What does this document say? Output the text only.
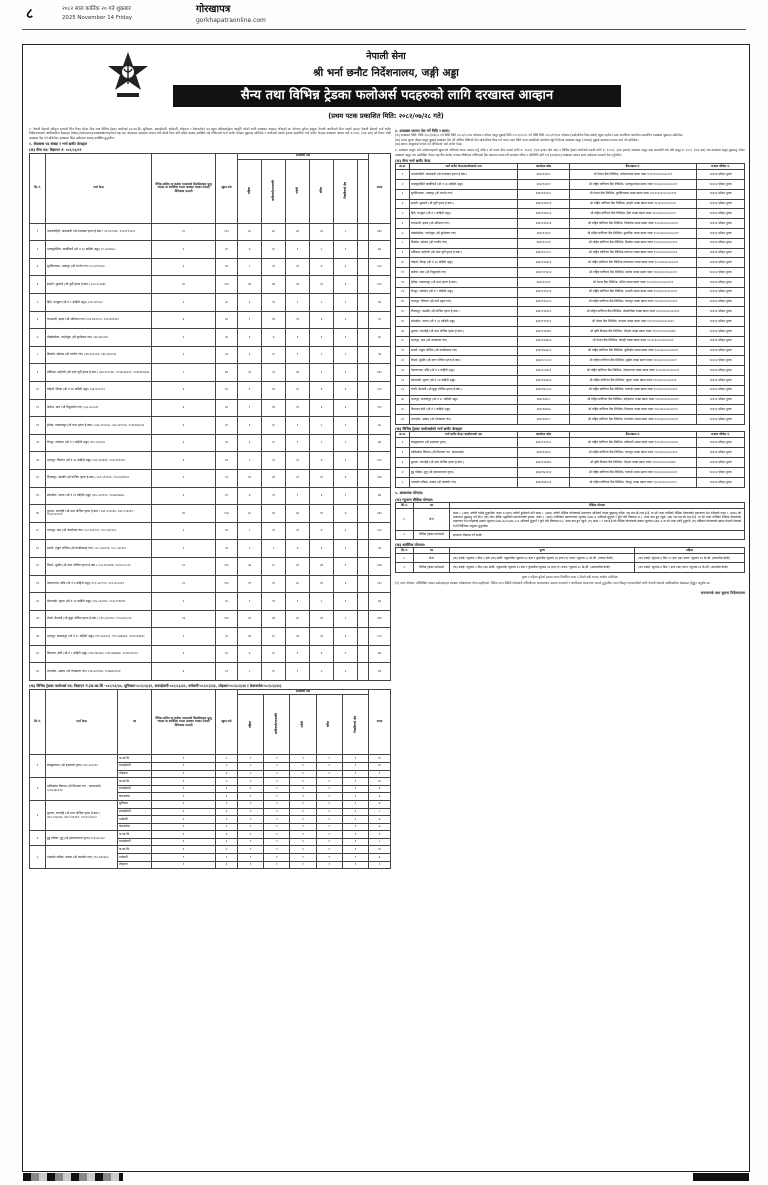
८	२०८२ साल कार्तिक २० गते शुक्रबार
2025 November 14 Friday
गोरखापत्र
gorkhapatraonline.com
नेपाली सेना
श्री भर्ना छनौट निर्देशनालय, जङ्गी अड्डा
सैन्य तथा विभिन्न ट्रेडका फलोअर्स पदहरुको लागि दरखास्त आव्हान
(प्रथम पटक प्रकाशित मिति: २०८२/०७/२८ गते)

१. नेपाली सेनाको स्वीकृत दरबन्दी भित्र रिक्त रहेका सैन्य तथा विभिन्न ट्रेडका फलोअर्स (क.का.सि, सुचिकार, सफाईकर्मी, धर्मकर्मी, लोहकार र केशकर्तक) पद खुला प्रतिस्पर्धाद्वारा पदपूर्ति गर्नको लागि दरखास्त आव्हान गरिएको छ। योग्यता पुगेका इच्छुक नेपाली नागरिकले सैन्य पदको हकमा नेपाली सेनाको भर्ना छनौट निर्देशनालयको आधिकारिक वेबसाइट http://vacancy.nepalarmy.mil.np बाट अनलाइन दरखास्त फाराम भरी सोको प्रिन्ट प्रति सहित स्वयम् उपस्थित भई तोकिएको भर्ना छनौट केन्द्रमा बुझाउन सकिनेछ र फलोअर्स पदको हकमा सम्बन्धित भर्ना छनौट केन्द्रमा दरखास्त फाराम भरी रु.१००/- (एक सय) को टिकट टाँसी दरखास्त पेस गर्न सकिनेछ। दरखास्त दिंदा उम्मेदवार स्वयम् उपस्थित हुनुपर्नेछ।

२. सेवाबन्ध पद संख्या र भर्ना छनौट केन्द्रहरु
(क) सैन्य पद: विज्ञापन नं. ०८२/८३/२९
सि.नं.	भर्ना केन्द्र	वैभिन्न तालिम वा कर्तव्य पालनाको सिलसिलामा मृत्यु भएका वा शारीरिक रुपमा अशक्त भएका नेपाली सैनिकका सन्तती	खुला तर्फ	समावेशी तर्फ						जम्मा
				महिला	आदिवासी/जनजाति	मधेशी	दलित	पिछडिएको क्षेत्र		
१	नारायणहिटी, काठमाडौं (श्री उपत्यका पृतना हे.क्वा.) ०१-४१९१४६, ९८६०१९९३२०	१०	१८३	३०	४८	४२	२२	८		३४०
२	भक्तपुरस्थित, कार्कीगाउँ (श्री नं २६ बाहिनी अड्डा) ०१-५०४०७८८	२	३९	७	१०	९	५	२		७४
३	सुर्यविनायक, भक्तपुर (श्री रणशेर गण) ०१-५०९१२६२	३	४२	८	१२	१२	७	३		१००
४	इटहरी, सुनसरी (श्री पूर्वी पृतना हे.क्वा.) ०२५-५८०४६६	१०	१०५	१७	२७	२४	१२	४		२००
५	हिले, धनकुटा (श्री नं २ बाहिनी अड्डा) ०२६-५४०३५२	२	३०	६	११	९	५	१		६४
६	चारआली, झापा (श्री अरिदमन गण) ०२३-४६११०५, ९८६५९४९३८०	४	४२	९	१४	१३	६	२		९०
७	तोक्सेखोला, ताप्लेजुङ (श्री दुर्गाप्रवल गण) ०२४-४६०२४५	२	२६	४	७	६	३	१		४०
८	दिक्तेल, खोटाङ (श्री रणवीर गण) ०३६-४२०८६४, ०३६-४२००३६	२	२२	६	१०	९	५	२		५७
९	बर्दिबास, महोत्तरी (श्री मध्य पूर्वी पृतना हे.क्वा.) ०४४-४१८०७८, ९८५४०३४२२०, ९८४४०४०७५४	५	७९	१३	२१	१७	९	३		१४०
१०	चोहर्वा, सिरहा (श्री नं २७ बाहिनी अड्डा) ०३३-४०११०९	४	४२	९	१४	१२	६	३		१००
११	कलैया, बारा (श्री निमुसर्जन गण) ०५३-५५१५२१	४	४२	९	१४	१२	६	३		१००
१२	हेटौडा, मकवानपुर (श्री मध्य पृतना हे.क्वा.) ०५७-५२९००७, ०५७-५२९०२४, ९८६३०४६८८४	४	३९	६	१०	९	५	२		७५
१३	चैनपुर, रामेछाप (श्री नं १ बाहिनी अड्डा) ०४९-५०१३००	३	३९	६	१०	९	५	२		७४
१४	भरतपुर, चितवन (श्री नं २७ बाहिनी अड्डा) ०५६-५९२४६३, ९८६०१९१३२२	४	४२	८	१२	१२	७	३		१००
१५	विजयपुर, कास्की (श्री पश्चिम पृतना हे.क्वा.) ०६१-५९११६०, ९८५६०३१७१२	२	५१	१४	२४	२१	११	४		१४०
१६	सोराडोल, पाल्पा (श्री नं २३ बाहिनी अड्डा) ०७५-५२०१९०, ९८६७०१७७५८	३	३९	७	११	९	४	१		७४
१७	बुटवल, रुपन्देही (श्री मध्य पश्चिम पृतना हे.क्वा.) ०७१-५९३०४६, ०७१-५९३२६९, ९८६०५०१२०२	१४	१८७	३८	४१	३६	१९	७		३४०
१८	भरतपुर, दाङ (श्री जनसेवक गण) ०८२-५६११०९, ०८२-५६११००	२	४२	८	१२	१२	७	३		१००
१९	साल्ले, रुकुम पश्चिम (श्री चण्डीप्रसाद गण) ०८८-५३००९३, ०८८-५३०११८	२	२६	५	८	७	४	१		५४
२०	निमारे, सुर्खेत (श्री उत्तर पश्चिम पृतना हे.क्वा.) ०८३-४१५०४४, ९८६८०८०८२०	२२	२२१	५७	८८	३१	२७	९		४२४
२१	नेपालगञ्ज, बाँके (श्री नं ४ बाहिनी अड्डा) ०८१-५२८९०३, ९८५८०८३२२१	१२	१२०	१९	२९	३०	१६	६		२२०
२२	देवनवाड़ी, जुम्ला (श्री नं २४ बाहिनी अड्डा) ०८७-५२००७०, ९८६८०१९४९४	२	२०	२	११	९	५	१		६४
२३	तेघरी, कैलाली (श्री सुदुर पश्चिम पृतना हे.क्वा.) ०९१-५२००६५, ९८५८४२८८३०	१३	१२०	२२	३४	३०	१६	५		२४०
२४	भरतपुर, कञ्चनपुर (श्री नं २८ बाहिनी अड्डा) ०९९-५४२२०३, ०९९-५४४४२४, ९८४८६२३४२०	९	९०	१७	२८	२४	१३	४		१८५
२५	दिपायल, डोटी (श्री नं ५ बाहिनी अड्डा) ०९४-४४०४३०, ०९४-४४७४७४, ९८६४०१९५००	३	३९	७	१०	९	४	२		७४
२६	मंगलसेन, अछाम (श्री गोरखदत्त गण) ०९७-६२०१६४, ९८६७७९२०१४	४	३१	८	१०	९	५	२		६४
(ख) विभिन्न ट्रेडका फलोअर्स पद: विज्ञापन नं.(क.का.सि -०८२/८३/३०, सुचिकार-०८२/८३/३१, सफाईकर्मी-०८२/८३/३२, धर्मकर्मी-०८२/८३/३३, लोहकार-०८२/८३/३४ र केशकर्तक-०८२/८३/३५)
सि.नं.	भर्ना केन्द्र	पद	वैभिन्न तालिम वा कर्तव्य पालनाको सिलसिलामा मृत्यु भएका वा शारीरिक रुपमा अशक्त भएका नेपाली सैनिकका सन्तती	खुला तर्फ	समावेशी तर्फ					जम्मा
					महिला	आदिवासी/जनजाति	मधेशी	दलित	पिछडिएको क्षेत्र	
१	संख्युवासभा (श्री इन्द्रध्वज गुल्म) ०२९-५६०२१०	क.का.सि	१	५	१	१	१	१	१	१०
		सफाईकर्मी	१	५	१	१	१	१	१	१०
		लोहकार	१	४	१	१	१	१	१	९
२	ठाकिखोल चितवन (श्री किरात्मा गण - कमलपाडो) ९८६५३६०११४	क.का.सि	१	५	१	१	१	१	१	१०
		सफाईकर्मी	१	२	१	१	१	१	१	७
		केशकर्तक	१	२	१	१	१	१	१	७
३	बुटवल, रुपन्देही (श्री मध्य पश्चिम पृतना हे.क्वा.) ०७१-५९३०४६, ०७१-५९३२६९, ९८६०५०१२०२	सुचिकार	१	२	१	१	१	१	१	७
		सफाईकर्मी	१	३	१	१	१	१	१	८
		धर्मकर्मी	१	२	१	१	१	१	१	७
		केशकर्तक	१	२	१	१	१	१	१	७
४	हुट्ठ प्याँस्क, मुगु (श्री हस्यमाननाज गुल्म) ९८६५४८५५२	क.का.सि	१	४	१	१	१	१	१	९
		सफाईकर्मी	१	३	१	१	१	१	१	८
५	पानखोर प्याँस्क, बजाङ (श्री बसन्तोर गण) ०९२-४२२३३५	क.का.सि	१	५	१	१	१	१	१	१०
		धर्मकर्मी	१	२	१	१	१	१	१	७
		लोहकार	१	३	१	१	१	१	१	८
३. दरखास्त फाराम पेस गर्ने मिति र स्थान:

(क) दरखास्त मिति: मिति २०८२/०७/२८ गते देखि मिति २०८२/०८/२७ गतेसम्म र दोब्बर दस्तुर बुझाई मिति २०८२/०८/२८ गते देखि मिति २०८२/०९/०४ गतेसम्म (सार्वजनिक बिदा समेत) खुला रहनेछ। उक्त अवधिभर कार्यालय समयभित्र दरखास्त बुझाउन सकिनेछ।

(ख) एकल शुल्क दोब्बर दस्तुर बुझाई दरखास्त पेस गर्ने अन्तिम मितिको दिन सार्वजनिक बिदा पर्न गएमा उक्त मिति भन्दा पछाडिको कार्यालय खुल्ने दिनमा दरखास्त दस्तुर (राजस्व) बुझाई दरखास्त फाराम दर्ता गर्न सकिनेछ।

(ख) स्थान: आफुलाई पायक पर्ने तोकिएको भर्ना छनौट केन्द्र।

४. दरखास्त दस्तुर: सबै उम्मेदवारहरुले खुलातर्फ अनिवार्य रुपमा फाराम भर्नु पर्नेछ र सो वापत सैन्य पदको लागि रु. १५००/- (एक हजार पाँच सय) र विभिन्न ट्रेडका फलोअर्स पदको लागि रु. १०००/- (एक हजार) दरखास्त दस्तुर तथा समावेशी तर्फ प्रति समूह रु. १००/- (एक सय) थप दरखास्त दस्तुर बुझाउनु पर्नेछ। दरखास्त दस्तुर तल उल्लेखित नेपाल राष्ट्र बैंक मार्फत राजस्व शीर्षकमा तोकिएको बैंक खातामा जम्मा गरी सक्कल भौचर र प्रतिलिपि प्रति १/१ (एक/एक) दरखास्त फाराम साथ उम्मेदवार स्वयम्ले पेस गर्नुपर्नेछ।

(क) सैन्य भर्ना छनौट केन्द्र
क्र.सं.	भर्ना छनौट केन्द्र/कार्यालयको नाम	कार्यालय कोड	बैंक/खाता नं.	राजस्व शीर्षक नं.
१	नारायणहिटी, काठमाडौं (श्री उपत्यका पृतना हे.क्वा.)	३४४०९३३१०	श्री नेपाल बैंक लिमिटेड, धर्मपथशाखा खाता नम्बर ००१०१०००००५०००१९	१४२२४ परीक्षा शुल्क
२	भक्तपुरस्थित कार्कीगाउँ (श्री नं २६ बाहिनी अड्डा)	३४४०९३४०९	श्री राष्ट्रिय बाणिज्य बैंक लिमिटेड, भक्तपुरशाखा खाता नम्बर १०००३००००५००००९	१४२२४ परीक्षा शुल्क
३	सुर्यविनायक, भक्तपुर (श्री रणशेर गण)	३४४०९२३२१८	श्री नेपाल बैंक लिमिटेड, सुर्यविनायक शाखा खाता नम्बर ०००१०१०००००५०००१९	१४२२४ परीक्षा शुल्क
४	इटहरी, सुनसरी (श्री पूर्वी पृतना हे.क्वा.)	३४४०९२४००६	श्री राष्ट्रिय बाणिज्य बैंक लिमिटेड, इटहरी शाखा खाता नम्बर १००३००००५००००९	१४२२४ परीक्षा शुल्क
५	हिले, धनकुटा (श्री नं २ बाहिनी अड्डा)	३४४०९२४००३	श्री राष्ट्रिय बाणिज्य बैंक लिमिटेड, हिले शाखा खाता नम्बर १०००३००००५००००९	१४२२४ परीक्षा शुल्क
६	चारआली, झापा (श्री अरिदमन गण)	३४४०९२४२०४	श्री राष्ट्रिय बाणिज्य बैंक लिमिटेड, बिर्तामोड शाखा खाता नम्बर १०००३००००५००००९	१४२२४ परीक्षा शुल्क
७	तोक्सेखोला, ताप्लेजुङ (श्री दुर्गाप्रवल गण)	३४४०९०३०४	श्री राष्ट्रिय बाणिज्य बैंक लिमिटेड, फुङलिङ शाखा खाता नम्बर १००००३०००००५०००९	१४२२४ परीक्षा शुल्क
८	दिक्तेल, खोटाङ (श्री रणवीर गण)	३४४०९०८०३	श्री राष्ट्रिय बाणिज्य बैंक लिमिटेड, दिक्तेल शाखा खाता नम्बर १०००३००००५००००९	१४२२४ परीक्षा शुल्क
९	बर्दिबास, महोत्तरी (श्री मध्य पूर्वी पृतना हे.क्वा.)	३४४०९०९८०८	श्री राष्ट्रिय बाणिज्य बैंक लिमिटेड,जलेश्वर शाखा खाता नम्बर १०००३००००५००००९	१४२२४ परीक्षा शुल्क
१०	चोहर्वा, सिरहा (श्री नं २७ बाहिनी अड्डा)	३४४०९२४३०९	श्री राष्ट्रिय बाणिज्य बैंक लिमिटेड,गोलबजार शाखा खाता नम्बर १०००३००००५००००९	१४२२४ परीक्षा शुल्क
११	कलैया, बारा (श्री निमुसर्जन गण)	३४४०९०९००४	श्री राष्ट्रिय बाणिज्य बैंक लिमिटेड, कलैया शाखा खाता नम्बर १०००३००००५००००९	१४२२४ परीक्षा शुल्क
१२	हेटौडा, मकवानपुर (श्री मध्य पृतना हे.क्वा.)	३४४०९१२२९	श्री नेपाल बैंक लिमिटेड, हेटौंडा शाखा खाता नम्बर ०००१०१०००००५०००१९	१४२२४ परीक्षा शुल्क
१३	चैनपुर, रामेछाप (श्री नं १ बाहिनी अड्डा)	३४४०९१३००३	श्री राष्ट्रिय बाणिज्य बैंक लिमिटेड, मन्थली शाखा खाता नम्बर १०००३००००५००००९	१४२२४ परीक्षा शुल्क
१४	भरतपुर, चितवन (श्री नयाँ सङ्गम गण)	३४४०९१३५०५	श्री राष्ट्रिय बाणिज्य बैंक लिमिटेड, भरतपुर शाखा खाता नम्बर १०००३००००५००००९	१४२२४ परीक्षा शुल्क
१५	विजयपुर, कास्की (श्री पश्चिम पृतना हे.क्वा.)	३४४०९१७१०५	श्री राष्ट्रिय बाणिज्य बैंक लिमिटेड, पोखरीचौक शाखा खाता नम्बर १०००३००००५००००९	१४२२४ परीक्षा शुल्क
१६	सोराडोल, पाल्पा (श्री नं २३ बाहिनी अड्डा)	३४४०९१९६०२	श्री नेपाल बैंक लिमिटेड, तानसेन शाखा खाता नम्बर ०००१०१०००००५०००१९	१४२२४ परीक्षा शुल्क
१७	बुटवल, रुपन्देही (श्री मध्य पश्चिम पृतना हे.क्वा.)	३४४०९१७१७०	श्री कृषि विकास बैंक लिमिटेड, भैरहवा शाखा खाता नम्बर ०१०००१५०००००४७९	१४२२४ परीक्षा शुल्क
१८	भरतपुर, दाङ (श्री जनसेवक गण)	३४४०९२३४०७	श्री नेपाल बैंक लिमिटेड, घोराही शाखा खाता नम्बर ०००१०१०००००५०००१९	१४२२४ परीक्षा शुल्क
१९	साल्ले, रुकुम पश्चिम (श्री चण्डीप्रसाद गण)	३४४०९७५७०९	श्री राष्ट्रिय बाणिज्य बैंक लिमिटेड, मुसिकोट शाखा खाता नम्बर १०००३००००५००००९	१४२२४ परीक्षा शुल्क
२०	निमारे, सुर्खेत (श्री उत्तर पश्चिम पृतना हे.क्वा.)	३४४०९८०८०२	श्री राष्ट्रिय बाणिज्य बैंक लिमिटेड, सुर्खेत शाखा खाता नम्बर १०००३००००५००००९	१४२२४ परीक्षा शुल्क
२१	नेपालगञ्ज, बाँके (श्री नं ४ बाहिनी अड्डा)	३४४०९८३४०९	श्री राष्ट्रिय बाणिज्य बैंक लिमिटेड, नेपालगञ्ज शाखा खाता नम्बर १०००३००००५००००९	१४२२४ परीक्षा शुल्क
२२	देवनवाड़ी, जुम्ला (श्री नं २४ बाहिनी अड्डा)	३४४०९४०७०४	श्री राष्ट्रिय बाणिज्य बैंक लिमिटेड, जुम्ला शाखा खाता नम्बर १०००३००००५००००९	१४२२४ परीक्षा शुल्क
२३	तेघरी, कैलाली (श्री सुदुर पश्चिम पृतना हे.क्वा.)	३४४०९७०८०५	श्री राष्ट्रिय बाणिज्य बैंक लिमिटेड, धनगढी शाखा खाता नम्बर १०००३००००५००००९	१४२२४ परीक्षा शुल्क
२४	भरतपुर, कञ्चनपुर (श्री नं २८ बाहिनी अड्डा)	३४४०९७६०८	श्री राष्ट्रिय बाणिज्य बैंक लिमिटेड, महेन्द्रनगर शाखा खाता नम्बर १०००३००००५००००९	१४२२४ परीक्षा शुल्क
२५	दिपायल डोटी (श्री नं ५ बाहिनी अड्डा)	३४४०९७७०७	श्री राष्ट्रिय बाणिज्य बैंक लिमिटेड, दिपायल शाखा खाता नम्बर १०००३००००५००००९	१४२२४ परीक्षा शुल्क
२६	मंगलसेन, अछाम (श्री गोरखदत्त गण)	३४४०९७९०८	श्री राष्ट्रिय बाणिज्य बैंक लिमिटेड, मंगलसेन शाखा खाता नम्बर १०००३००००५००००९	१४२२४ परीक्षा शुल्क
(ख) विभिन्न ट्रेडका फलोअर्सको भर्ना छनौट केन्द्रहरु
क्र.सं.	भर्ना छनौट केन्द्र/ कार्यालयको नाम	कार्यालय कोड	बैंक/खाता नं.	राजस्व शीर्षक नं.
१	संख्युवासभा (श्री इन्द्रध्वज गुल्म)	३४४०९१०९०८	श्री राष्ट्रिय बाणिज्य बैंक लिमिटेड, खाँदबारी शाखा खाता नम्बर १०००३००००५००००९	१४२२४ परीक्षा शुल्क
२	ठाकिखोल चितवन (श्री किरात्मा गण -कमलपाडो)	३४४०९३३०४	श्री राष्ट्रिय बाणिज्य बैंक लिमिटेड, भरतपुर शाखा खाता नम्बर १०००३००००५००००९	१४२२४ परीक्षा शुल्क
३	बुटवल, रुपन्देही (श्री मध्य पश्चिम पृतना हे.क्वा.)	३४४०९१७१७०	श्री कृषि विकास बैंक लिमिटेड, भैरहवा शाखा खाता नम्बर ०१०००१५०००००४७९	१४२२४ परीक्षा शुल्क
४	हुट्ठ प्याँस्क, मुगु (श्री हस्यमाननाज गुल्म)	३४४०९७५१०३	श्री राष्ट्रिय बाणिज्य बैंक लिमिटेड, गमगढी शाखा खाता नम्बर १०००३००००५००००९	१४२२४ परीक्षा शुल्क
५	पानखोर प्याँस्क, बजाङ (श्री बसन्तोर गण)	३४४०९७६००३	श्री राष्ट्रिय बाणिज्य बैंक लिमिटेड, चैनपुर शाखा खाता नम्बर १०००३००००५००००९	१४२२४ परीक्षा शुल्क
५. आवश्यक योग्यता:
(क) न्यूनतम शैक्षिक योग्यता:
सि.नं.	पद	शैक्षिक योग्यता
१.	सैन्य	कक्षा ८ (आठ) उत्तीर्ण गरेको हुनुपर्नेछ। कक्षा १०(दश) उत्तीर्ण हुनेहरुले पनि कक्षा ८ (आठ) उत्तीर्ण शैक्षिक योग्यताको प्रमाणपत्र अनिवार्य रुपमा बुझाउनु पर्नेछ। एस.एल.सी./एस.ई.ई. वा सो भन्दा माथिको शैक्षिक योग्यताको प्रमाणपत्र पेश गर्नेहरुले कक्षा ८ (आठ) को प्रमाणपत्र बुझाउनु पर्ने छैन। (क) लेटर ग्रेडिङ पद्धतिको प्रमाणपत्रको हकमा: कक्षा ८ (आठ) उत्तीर्णको प्रमाणपत्रमा न्यूनतम GPA-2 अनिवार्य हुनुपर्ने र कुनै पनि विषयमा D+ भन्दा कम हुन नहुने। (ख) एस.एल.सी./एस.ई.ई. वा सो भन्दा माथिको शैक्षिक योग्यताको प्रमाणपत्र पेश गर्नेहरुको हकमा न्यूनतम GPA-2/CGPA-1.6 अनिवार्य हुनुपर्ने र कुनै पनि विषयमा D+ भन्दा कम हुन नहुने। (ग) कक्षा ८ र एस.ई.ई.को शैक्षिक योग्यताको हकमा न्यूनतम GPA-2 वा सो भन्दा माथि हुनुपर्ने। (घ) मेडिकल योग्यताको हकमा नेपाली सेनाको भर्ना निर्देशिका अनुसार हुनुपर्नेछ।
२.	विभिन्न ट्रेडका फलोअर्स	साधारण लेखपढ गर्न सक्ने।
(ख) शारीरिक योग्यता:
सि.नं.	पद	पुरुष	महिला
१.	सैन्य	(क) उचाई: न्यूनतम ५ फिट २ इन्च (ख) छाती: नफुलाउँदा न्यूनतम ३२ इन्च र फुलाउँदा न्यूनतम ३४ इन्च (ग) वजन: न्यूनतम ५० के.जी. (पचास केजी)	(क) उचाई: न्यूनतम ४ फिट ११ इन्च (ख) वजन: न्यूनतम ४६ के.जी. (छयालीस केजी)
२.	विभिन्न ट्रेडका फलोअर्स	(क) उचाई: न्यूनतम ५ फिट (ख) छाती: नफुलाउँदा न्यूनतम ३२ इन्च र फुलाउँदा न्यूनतम ३४ इन्च (ग) वजन: न्यूनतम ४८ के.जी. (अठचालीस केजी)	(क) उचाई: न्यूनतम ४ फिट ९ इन्च (ख) वजन: न्यूनतम ४२ के.जी. (बयालीस केजी)

पुरुष र महिला दुवैको हकमा वजन निर्धारित भन्दा ५ किलो बढी भएमा अयोग्य मानिनेछ।

(ग) अन्य योग्यता: उल्लिखित पदका उम्मेदवारहरु स्वास्थ्य परीक्षणबाट योग्य ठहरिएको, नैतिक पतन देखिने फौजदारी अभियोगमा अदालतबाट सजाय नपाएको र नागरिकता प्रमाणपत्र भएको हुनुपर्नेछ। अन्य विस्तृत जानकारीको लागि नेपाली सेनाको आधिकारिक वेबसाइट हेर्नुहुन अनुरोध छ।

जनसम्पर्क तथा सूचना निर्देशनालय
